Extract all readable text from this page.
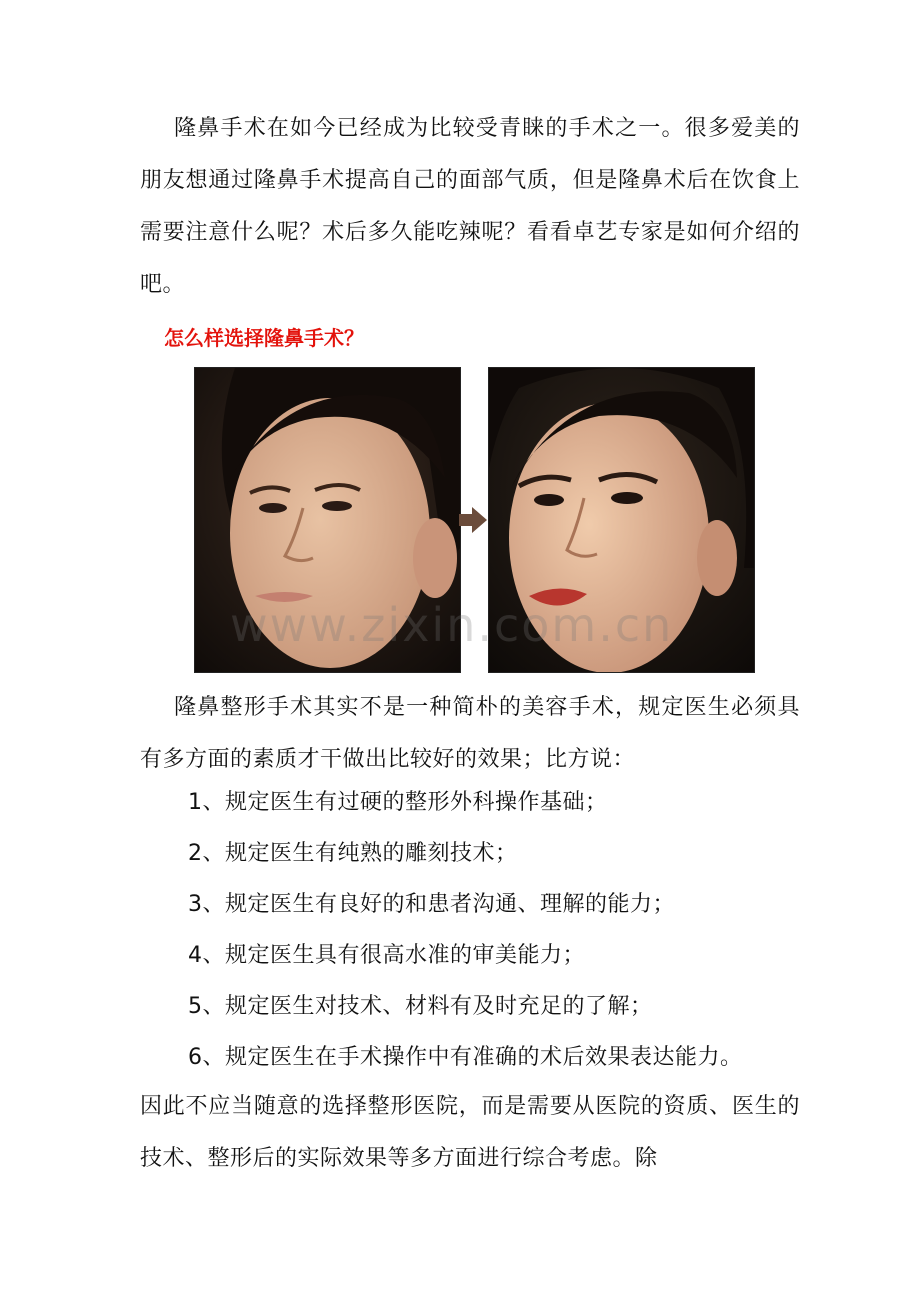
隆鼻手术在如今已经成为比较受青睐的手术之一。很多爱美的朋友想通过隆鼻手术提高自己的面部气质，但是隆鼻术后在饮食上需要注意什么呢？术后多久能吃辣呢？看看卓艺专家是如何介绍的吧。

怎么样选择隆鼻手术？
www.zixin.com.cn

隆鼻整形手术其实不是一种简朴的美容手术，规定医生必须具有多方面的素质才干做出比较好的效果；比方说：

1、规定医生有过硬的整形外科操作基础；
2、规定医生有纯熟的雕刻技术；
3、规定医生有良好的和患者沟通、理解的能力；
4、规定医生具有很高水准的审美能力；
5、规定医生对技术、材料有及时充足的了解；
6、规定医生在手术操作中有准确的术后效果表达能力。

因此不应当随意的选择整形医院，而是需要从医院的资质、医生的技术、整形后的实际效果等多方面进行综合考虑。除
